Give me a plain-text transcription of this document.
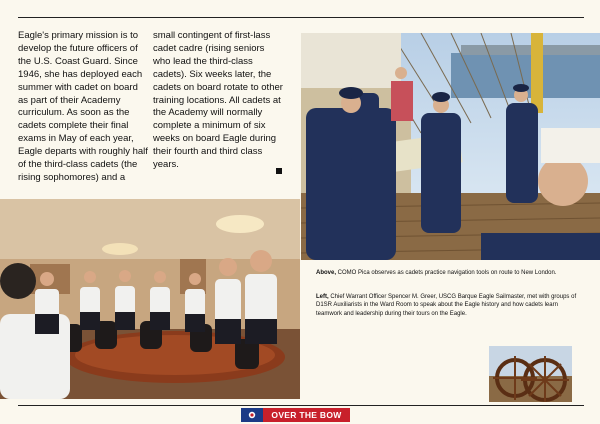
Eagle's primary mission is to develop the future officers of the U.S. Coast Guard. Since 1946, she has deployed each summer with cadet on board as part of their Academy curriculum. As soon as the cadets complete their final exams in May of each year, Eagle departs with roughly half of the third-class cadets (the rising sophomores) and a
small contingent of first-lass cadet cadre (rising seniors who lead the third-class cadets). Six weeks later, the cadets on board rotate to other training locations. All cadets at the Academy will normally complete a minimum of six weeks on board Eagle during their fourth and third class years.
Above, COMO Pica observes as cadets practice navigation tools on route to New London.
Left, Chief Warrant Officer Spencer M. Greer, USCG Barque Eagle Sailmaster, met with groups of D1SR Auxiliarists in the Ward Room to speak about the Eagle history and how cadets learn teamwork and leadership during their tours on the Eagle.
OVER THE BOW
